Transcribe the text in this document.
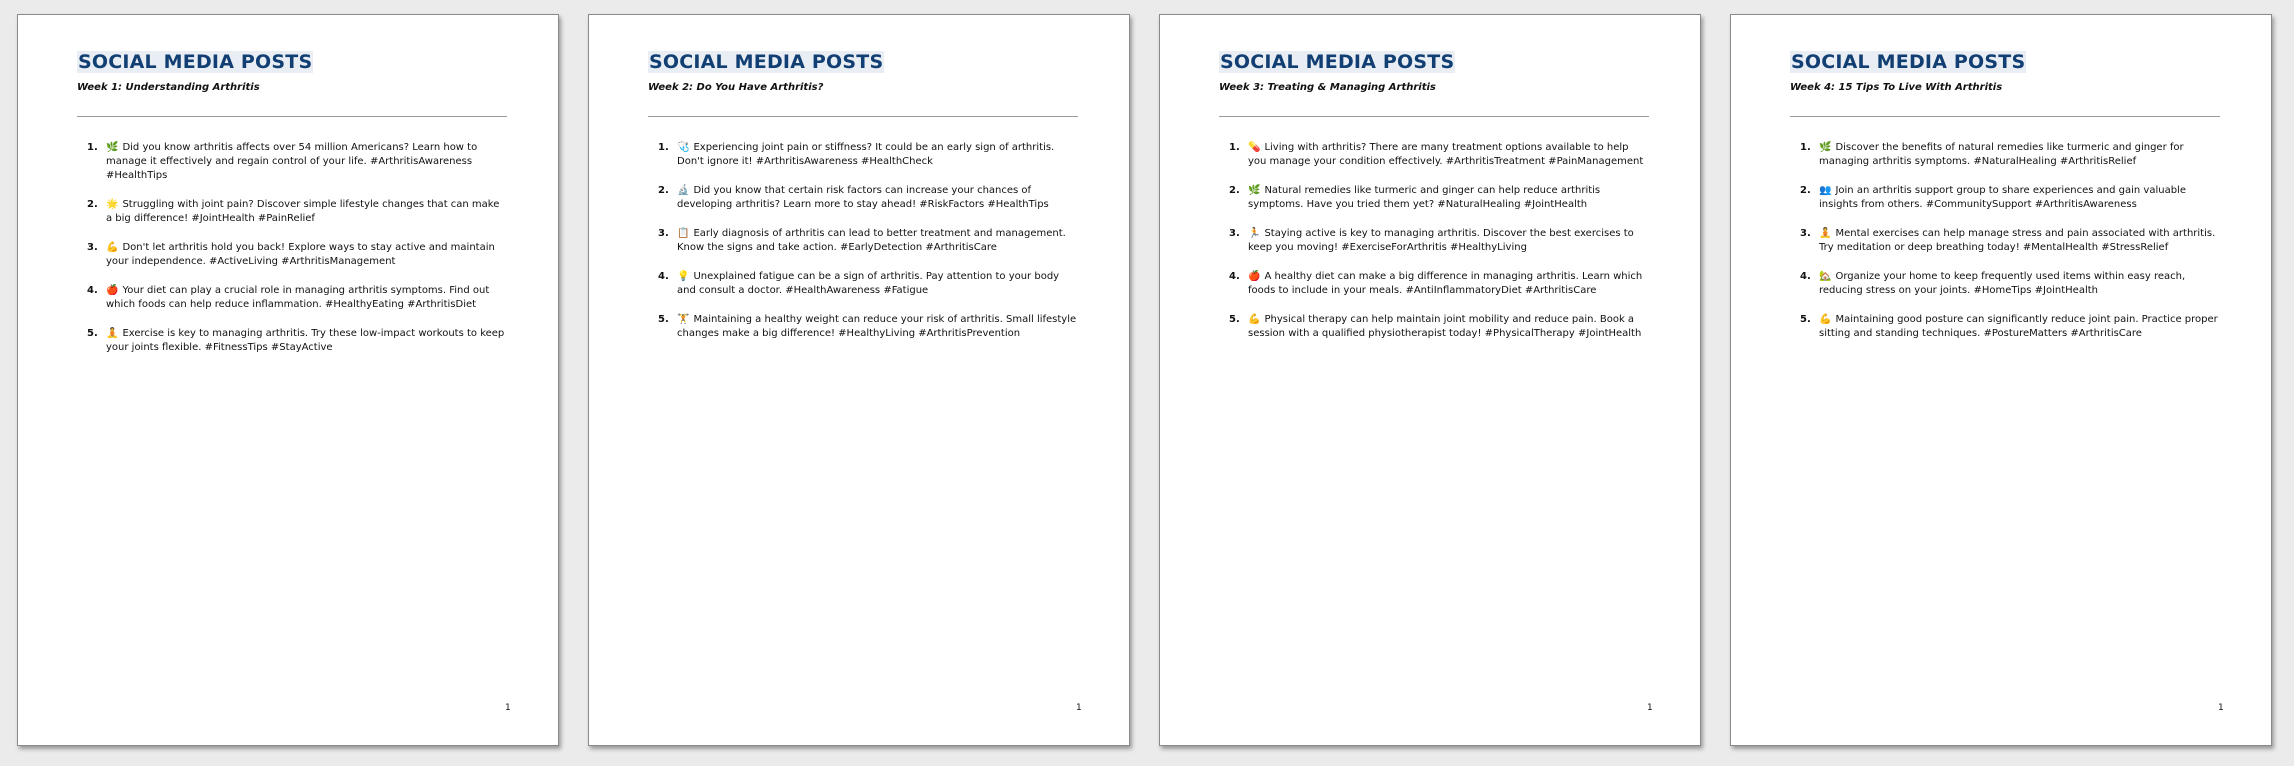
SOCIAL MEDIA POSTS
Week 1: Understanding Arthritis
🌿 Did you know arthritis affects over 54 million Americans? Learn how to manage it effectively and regain control of your life. #ArthritisAwareness #HealthTips
🌟 Struggling with joint pain? Discover simple lifestyle changes that can make a big difference! #JointHealth #PainRelief
💪 Don't let arthritis hold you back! Explore ways to stay active and maintain your independence. #ActiveLiving #ArthritisManagement
🍎 Your diet can play a crucial role in managing arthritis symptoms. Find out which foods can help reduce inflammation. #HealthyEating #ArthritisDiet
🧘 Exercise is key to managing arthritis. Try these low-impact workouts to keep your joints flexible. #FitnessTips #StayActive
1
SOCIAL MEDIA POSTS
Week 2: Do You Have Arthritis?
🩺 Experiencing joint pain or stiffness? It could be an early sign of arthritis. Don't ignore it! #ArthritisAwareness #HealthCheck
🔬 Did you know that certain risk factors can increase your chances of developing arthritis? Learn more to stay ahead! #RiskFactors #HealthTips
📋 Early diagnosis of arthritis can lead to better treatment and management. Know the signs and take action. #EarlyDetection #ArthritisCare
💡 Unexplained fatigue can be a sign of arthritis. Pay attention to your body and consult a doctor. #HealthAwareness #Fatigue
🏋️ Maintaining a healthy weight can reduce your risk of arthritis. Small lifestyle changes make a big difference! #HealthyLiving #ArthritisPrevention
1
SOCIAL MEDIA POSTS
Week 3: Treating & Managing Arthritis
💊 Living with arthritis? There are many treatment options available to help you manage your condition effectively. #ArthritisTreatment #PainManagement
🌿 Natural remedies like turmeric and ginger can help reduce arthritis symptoms. Have you tried them yet? #NaturalHealing #JointHealth
🏃 Staying active is key to managing arthritis. Discover the best exercises to keep you moving! #ExerciseForArthritis #HealthyLiving
🍎 A healthy diet can make a big difference in managing arthritis. Learn which foods to include in your meals. #AntiInflammatoryDiet #ArthritisCare
💪 Physical therapy can help maintain joint mobility and reduce pain. Book a session with a qualified physiotherapist today! #PhysicalTherapy #JointHealth
1
SOCIAL MEDIA POSTS
Week 4: 15 Tips To Live With Arthritis
🌿 Discover the benefits of natural remedies like turmeric and ginger for managing arthritis symptoms. #NaturalHealing #ArthritisRelief
👥 Join an arthritis support group to share experiences and gain valuable insights from others. #CommunitySupport #ArthritisAwareness
🧘 Mental exercises can help manage stress and pain associated with arthritis. Try meditation or deep breathing today! #MentalHealth #StressRelief
🏡 Organize your home to keep frequently used items within easy reach, reducing stress on your joints. #HomeTips #JointHealth
💪 Maintaining good posture can significantly reduce joint pain. Practice proper sitting and standing techniques. #PostureMatters #ArthritisCare
1
